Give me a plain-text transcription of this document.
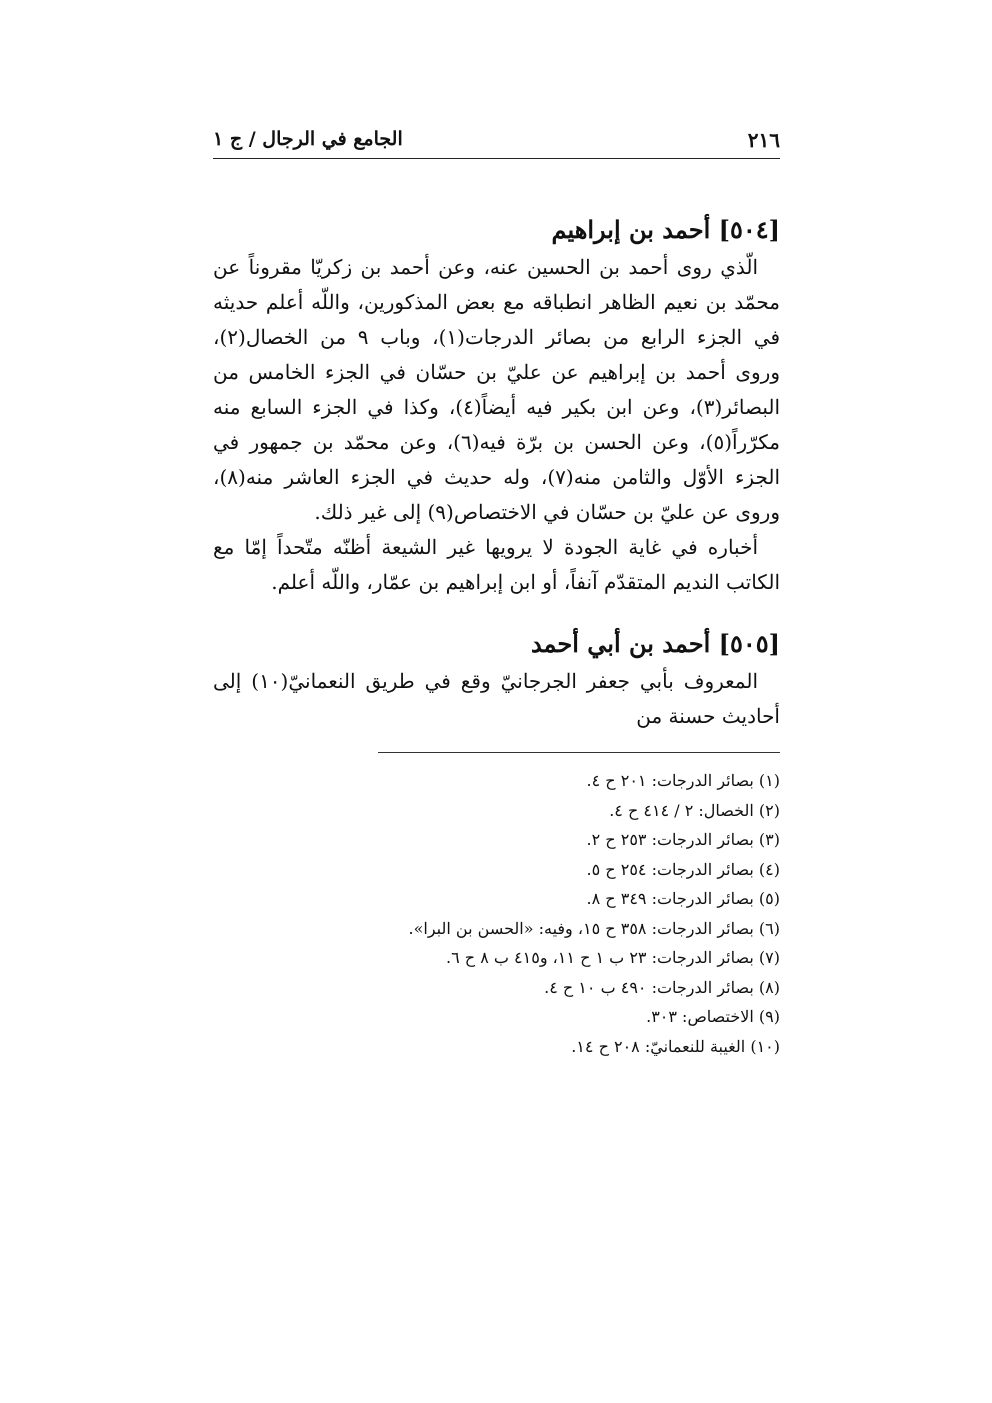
٢١٦
الجامع في الرجال / ج ١
[٥٠٤] أحمد بن إبراهيم

الّذي روى أحمد بن الحسين عنه، وعن أحمد بن زكريّا مقروناً عن محمّد بن نعيم الظاهر انطباقه مع بعض المذكورين، واللّه أعلم حديثه في الجزء الرابع من بصائر الدرجات(١)، وباب ٩ من الخصال(٢)، وروى أحمد بن إبراهيم عن عليّ بن حسّان في الجزء الخامس من البصائر(٣)، وعن ابن بكير فيه أيضاً(٤)، وكذا في الجزء السابع منه مكرّراً(٥)، وعن الحسن بن برّة فيه(٦)، وعن محمّد بن جمهور في الجزء الأوّل والثامن منه(٧)، وله حديث في الجزء العاشر منه(٨)، وروى عن عليّ بن حسّان في الاختصاص(٩) إلى غير ذلك.

أخباره في غاية الجودة لا يرويها غير الشيعة أظنّه متّحداً إمّا مع الكاتب النديم المتقدّم آنفاً، أو ابن إبراهيم بن عمّار، واللّه أعلم.

[٥٠٥] أحمد بن أبي أحمد

المعروف بأبي جعفر الجرجانيّ وقع في طريق النعمانيّ(١٠) إلى أحاديث حسنة من

(١) بصائر الدرجات: ٢٠١ ح ٤.

(٢) الخصال: ٢ / ٤١٤ ح ٤.

(٣) بصائر الدرجات: ٢٥٣ ح ٢.

(٤) بصائر الدرجات: ٢٥٤ ح ٥.

(٥) بصائر الدرجات: ٣٤٩ ح ٨.

(٦) بصائر الدرجات: ٣٥٨ ح ١٥، وفيه: «الحسن بن البرا».

(٧) بصائر الدرجات: ٢٣ ب ١ ح ١١، و٤١٥ ب ٨ ح ٦.

(٨) بصائر الدرجات: ٤٩٠ ب ١٠ ح ٤.

(٩) الاختصاص: ٣٠٣.

(١٠) الغيبة للنعمانيّ: ٢٠٨ ح ١٤.
